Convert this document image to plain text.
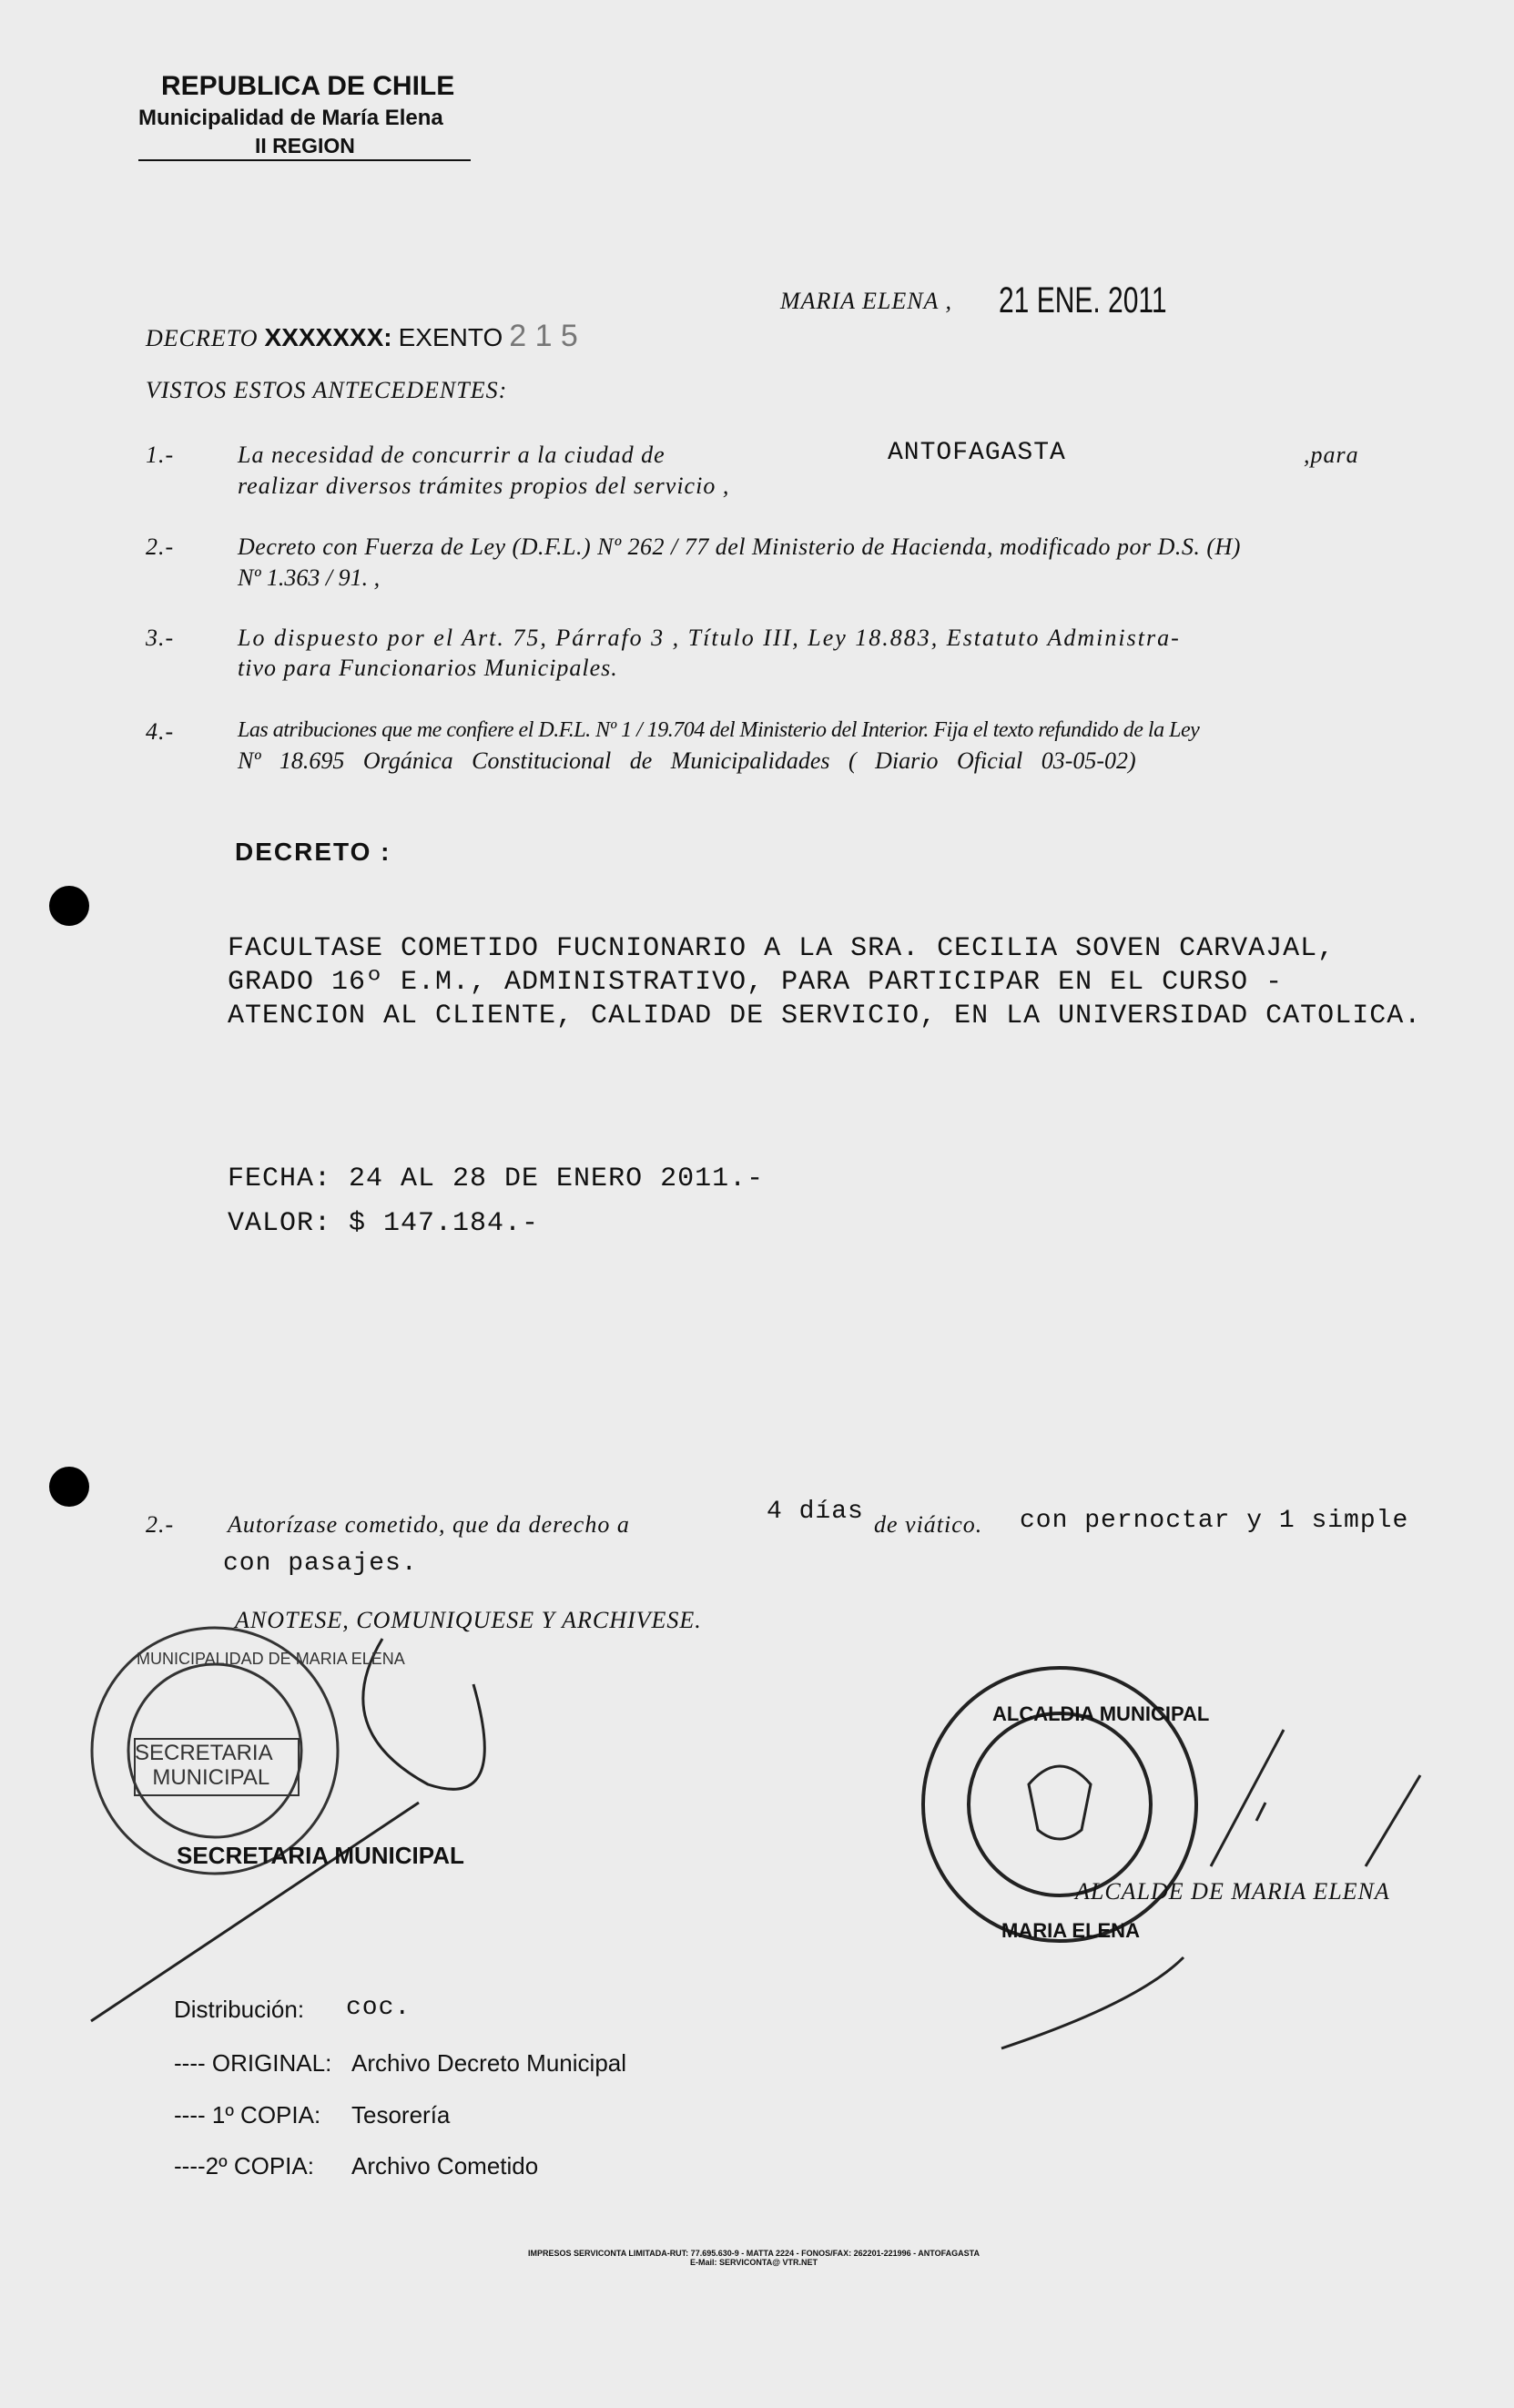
REPUBLICA DE CHILE
Municipalidad de María Elena
II REGION
MARIA ELENA , 21 ENE. 2011
DECRETO XXXXXXX: EXENTO 2 1 5
VISTOS ESTOS ANTECEDENTES:
1.-	La necesidad de concurrir a la ciudad de	ANTOFAGASTA	,para
realizar diversos trámites propios del servicio ,
2.-	Decreto con Fuerza de Ley (D.F.L.) Nº 262 / 77 del Ministerio de Hacienda, modificado por D.S. (H)
Nº 1.363 / 91. ,
3.-	Lo dispuesto por el Art. 75, Párrafo 3 , Título III, Ley 18.883, Estatuto Administra-
tivo para Funcionarios Municipales.
4.-	Las atribuciones que me confiere el D.F.L. Nº 1 / 19.704 del Ministerio del Interior. Fija el texto refundido de la Ley
Nº 18.695 Orgánica Constitucional de Municipalidades ( Diario Oficial 03-05-02)
DECRETO :
FACULTASE COMETIDO FUCNIONARIO A LA SRA. CECILIA SOVEN CARVAJAL,
GRADO 16º E.M., ADMINISTRATIVO, PARA PARTICIPAR EN EL CURSO -
ATENCION AL CLIENTE, CALIDAD DE SERVICIO, EN LA UNIVERSIDAD CATOLICA.
FECHA: 24 AL 28 DE ENERO 2011.-
VALOR: $ 147.184.-
2.- Autorízase cometido, que da derecho a	4 días de viático. con pernoctar y 1 simple
con pasajes.
ANOTESE, COMUNIQUESE Y ARCHIVESE.
SECRETARIA
MUNICIPAL
MUNICIPALIDAD DE MARIA ELENA
ALCALDIA MUNICIPAL
MARIA ELENA
SECRETARIA MUNICIPAL
ALCALDE DE MARIA ELENA
Distribución: coc.
---- ORIGINAL: Archivo Decreto Municipal
---- 1º COPIA: Tesorería
----2º COPIA: Archivo Cometido
IMPRESOS SERVICONTA LIMITADA-RUT: 77.695.630-9 - MATTA 2224 - FONOS/FAX: 262201-221996 - ANTOFAGASTA
E-Mail: SERVICONTA@ VTR.NET
